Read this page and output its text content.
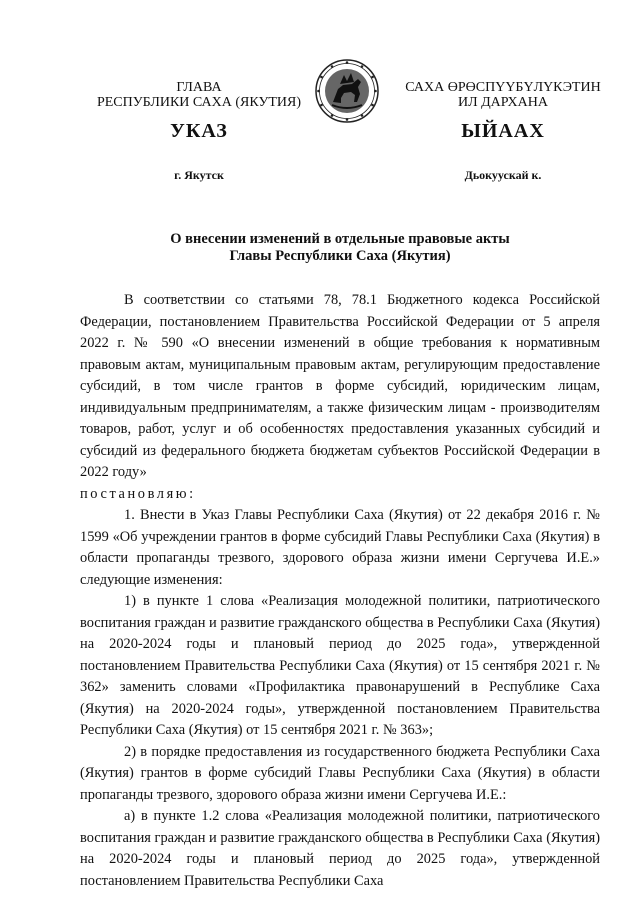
ГЛАВА
РЕСПУБЛИКИ САХА (ЯКУТИЯ)
САХА ӨРӨСПҮҮБҮЛҮКЭТИН
ИЛ ДАРХАНА
УКАЗ	ЫЙААХ
г. Якутск	Дьокуускай к.
О внесении изменений в отдельные правовые акты
Главы Республики Саха (Якутия)

В соответствии со статьями 78, 78.1 Бюджетного кодекса Российской Федерации, постановлением Правительства Российской Федерации от 5 апреля 2022 г. № 590 «О внесении изменений в общие требования к нормативным правовым актам, муниципальным правовым актам, регулирующим предоставление субсидий, в том числе грантов в форме субсидий, юридическим лицам, индивидуальным предпринимателям, а также физическим лицам - производителям товаров, работ, услуг и об особенностях предоставления указанных субсидий и субсидий из федерального бюджета бюджетам субъектов Российской Федерации в 2022 году»

постановляю:

1. Внести в Указ Главы Республики Саха (Якутия) от 22 декабря 2016 г. № 1599 «Об учреждении грантов в форме субсидий Главы Республики Саха (Якутия) в области пропаганды трезвого, здорового образа жизни имени Сергучева И.Е.» следующие изменения:

1) в пункте 1 слова «Реализация молодежной политики, патриотического воспитания граждан и развитие гражданского общества в Республики Саха (Якутия) на 2020-2024 годы и плановый период до 2025 года», утвержденной постановлением Правительства Республики Саха (Якутия) от 15 сентября 2021 г. № 362» заменить словами «Профилактика правонарушений в Республике Саха (Якутия) на 2020-2024 годы», утвержденной постановлением Правительства Республики Саха (Якутия) от 15 сентября 2021 г. № 363»;

2) в порядке предоставления из государственного бюджета Республики Саха (Якутия) грантов в форме субсидий Главы Республики Саха (Якутия) в области пропаганды трезвого, здорового образа жизни имени Сергучева И.Е.:

а) в пункте 1.2 слова «Реализация молодежной политики, патриотического воспитания граждан и развитие гражданского общества в Республики Саха (Якутия) на 2020-2024 годы и плановый период до 2025 года», утвержденной постановлением Правительства Республики Саха
